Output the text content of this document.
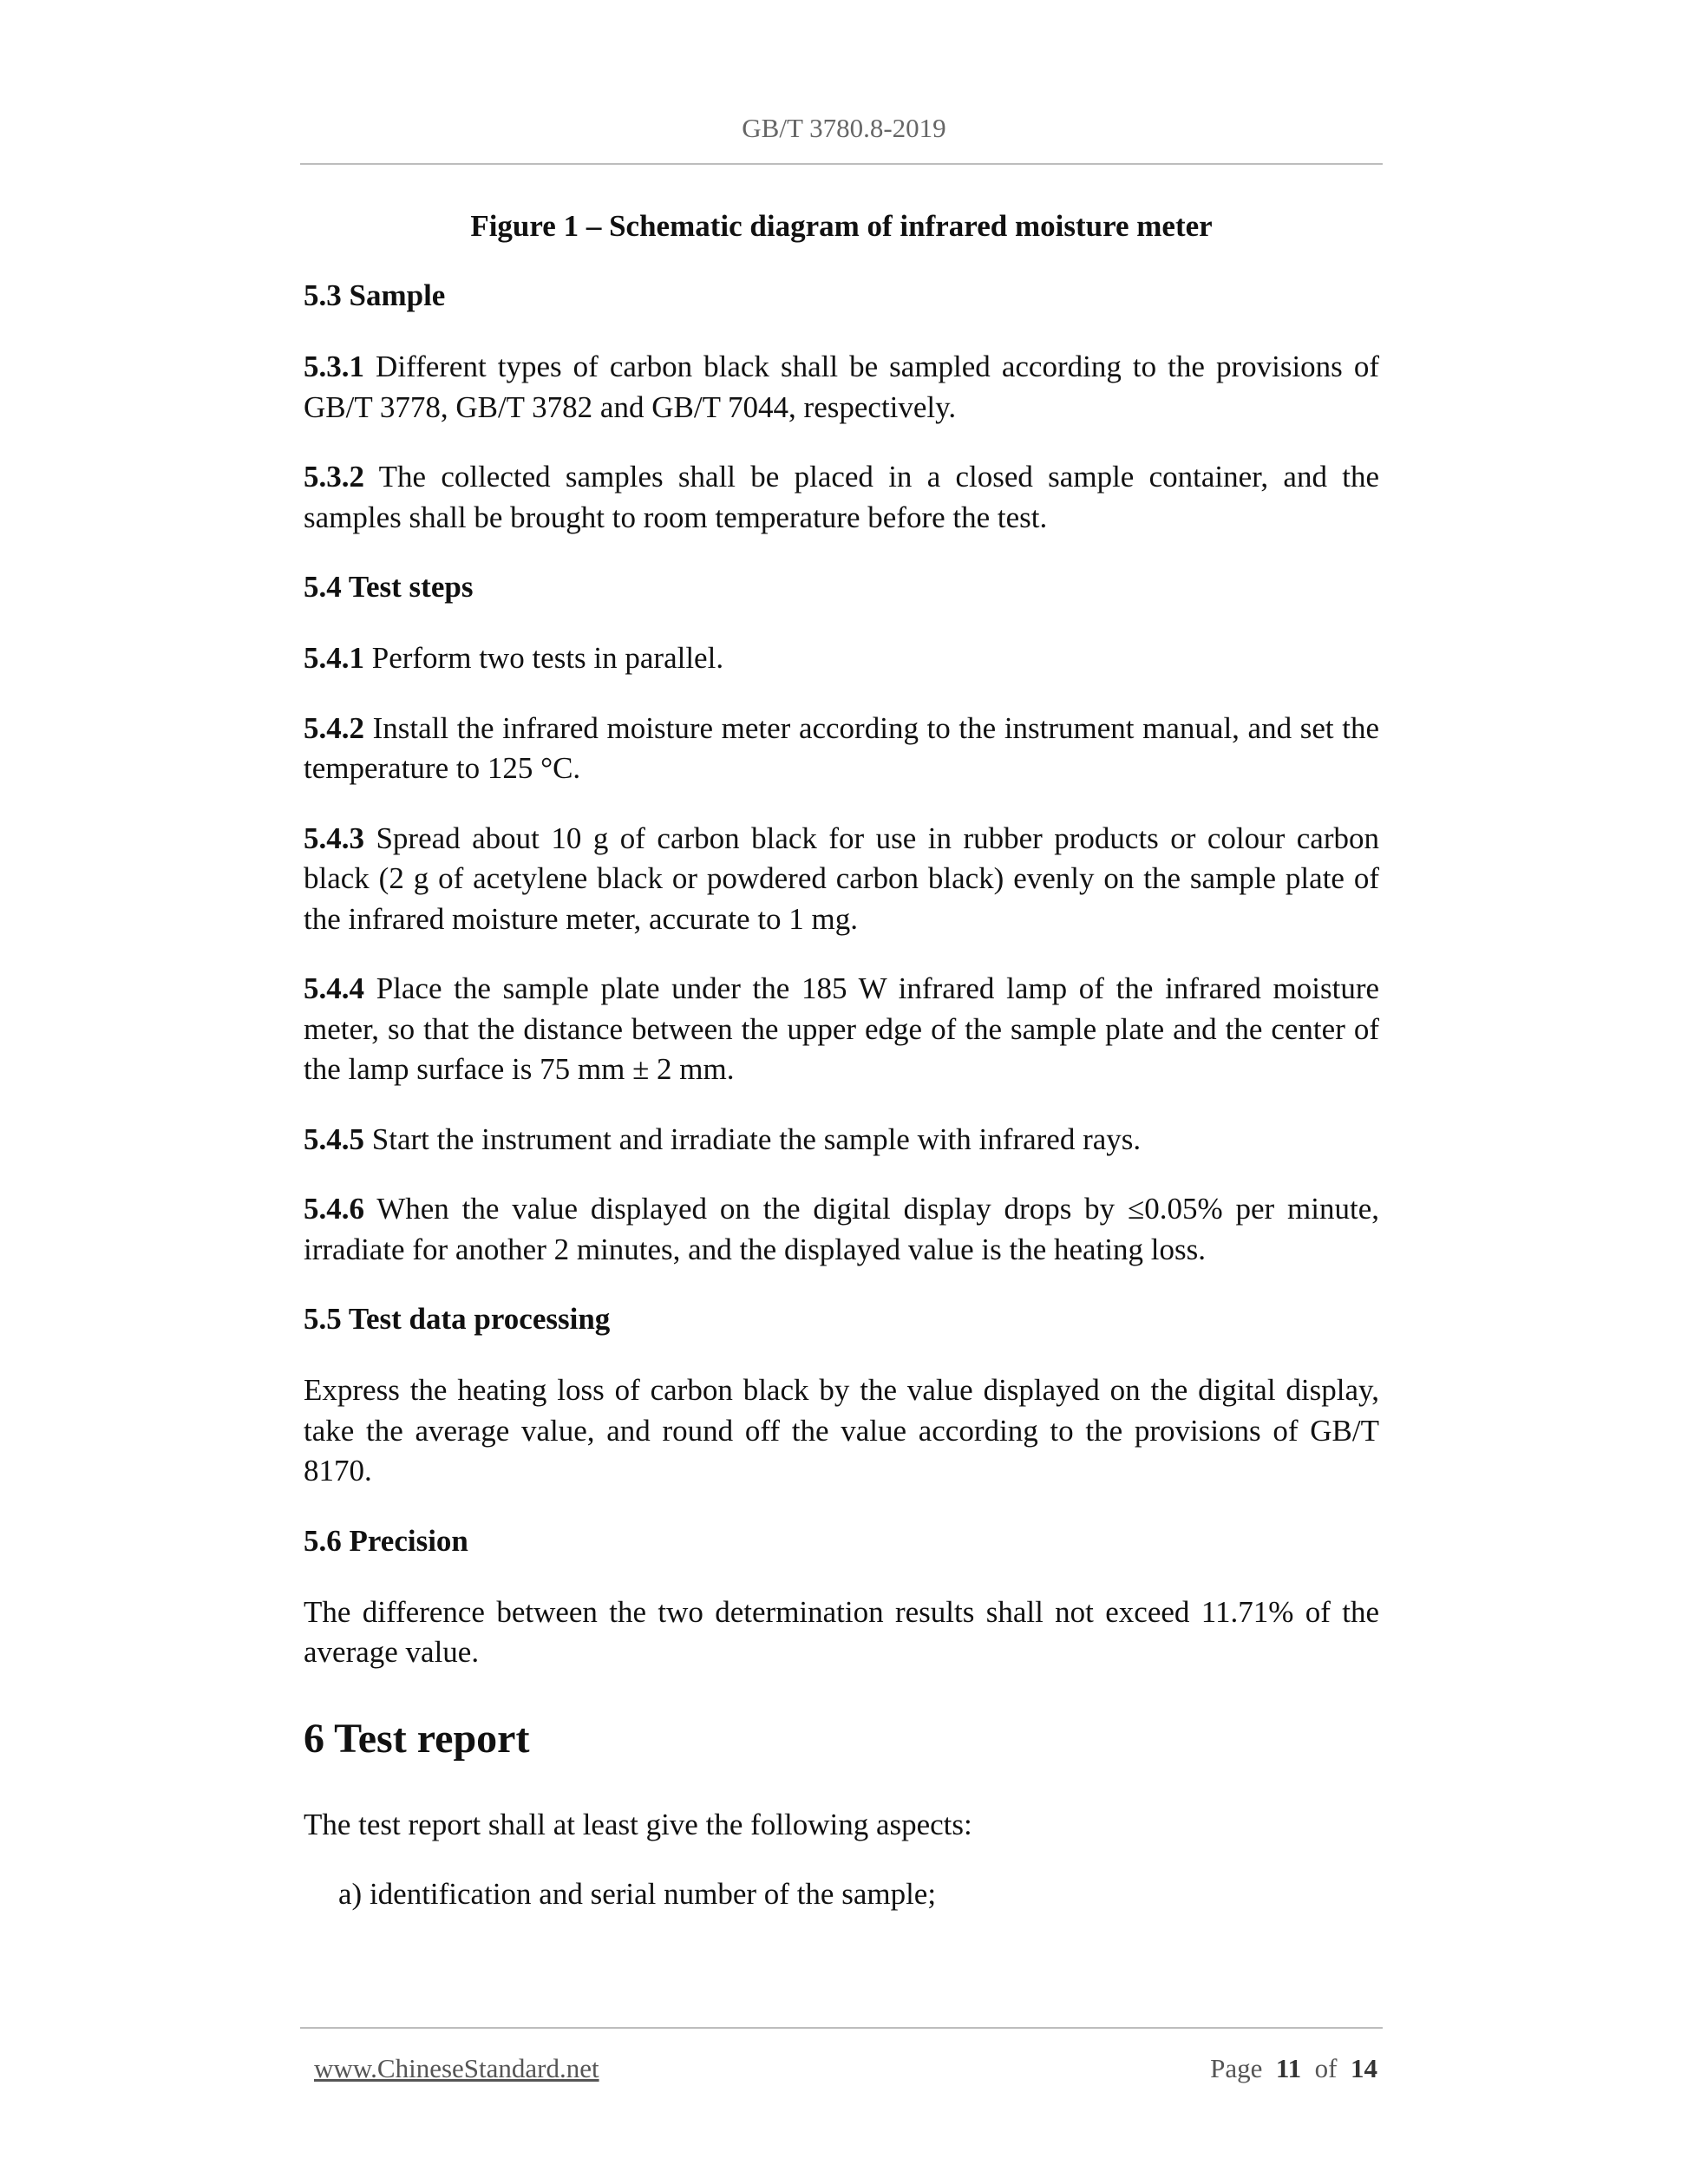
GB/T 3780.8-2019
Figure 1 – Schematic diagram of infrared moisture meter
5.3 Sample
5.3.1 Different types of carbon black shall be sampled according to the provisions of GB/T 3778, GB/T 3782 and GB/T 7044, respectively.
5.3.2 The collected samples shall be placed in a closed sample container, and the samples shall be brought to room temperature before the test.
5.4 Test steps
5.4.1 Perform two tests in parallel.
5.4.2 Install the infrared moisture meter according to the instrument manual, and set the temperature to 125 °C.
5.4.3 Spread about 10 g of carbon black for use in rubber products or colour carbon black (2 g of acetylene black or powdered carbon black) evenly on the sample plate of the infrared moisture meter, accurate to 1 mg.
5.4.4 Place the sample plate under the 185 W infrared lamp of the infrared moisture meter, so that the distance between the upper edge of the sample plate and the center of the lamp surface is 75 mm ± 2 mm.
5.4.5 Start the instrument and irradiate the sample with infrared rays.
5.4.6 When the value displayed on the digital display drops by ≤0.05% per minute, irradiate for another 2 minutes, and the displayed value is the heating loss.
5.5 Test data processing
Express the heating loss of carbon black by the value displayed on the digital display, take the average value, and round off the value according to the provisions of GB/T 8170.
5.6 Precision
The difference between the two determination results shall not exceed 11.71% of the average value.
6 Test report
The test report shall at least give the following aspects:
a) identification and serial number of the sample;
www.ChineseStandard.net	Page 11 of 14
